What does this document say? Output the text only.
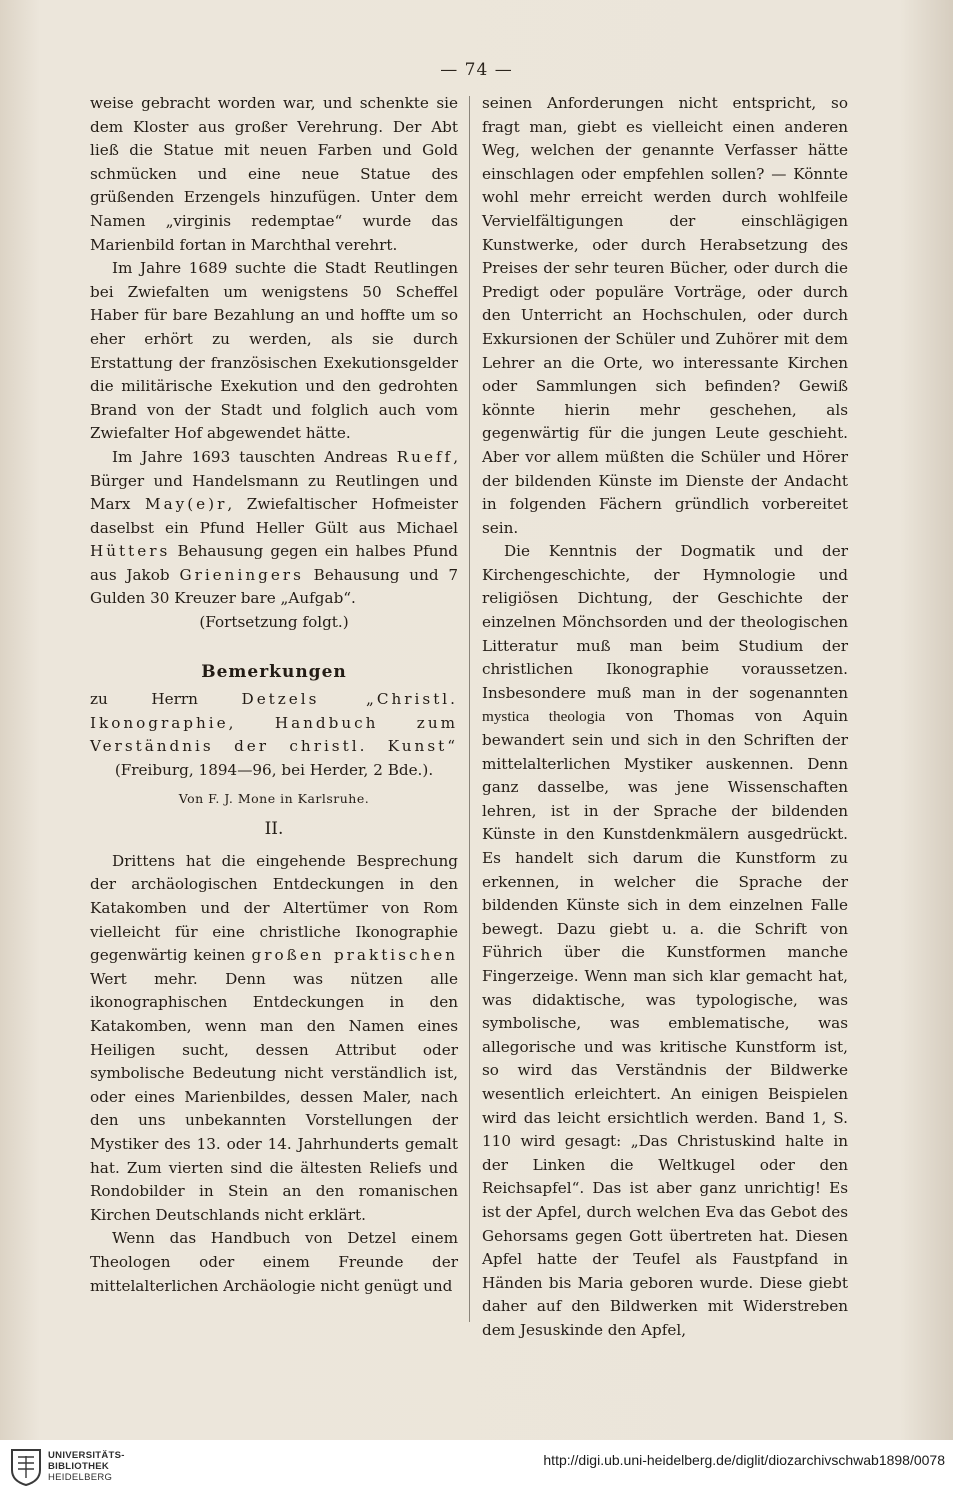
— 74 —

weise gebracht worden war, und schenkte sie dem Kloster aus großer Verehrung. Der Abt ließ die Statue mit neuen Farben und Gold schmücken und eine neue Statue des grüßenden Erzengels hinzufügen. Unter dem Namen „virginis redemptae“ wurde das Marienbild fortan in Marchthal verehrt.

Im Jahre 1689 suchte die Stadt Reutlingen bei Zwiefalten um wenigstens 50 Scheffel Haber für bare Bezahlung an und hoffte um so eher erhört zu werden, als sie durch Erstattung der französischen Exekutionsgelder die militärische Exekution und den gedrohten Brand von der Stadt und folglich auch vom Zwiefalter Hof abgewendet hätte.

Im Jahre 1693 tauschten Andreas Rueff, Bürger und Handelsmann zu Reutlingen und Marx May(e)r, Zwiefaltischer Hofmeister daselbst ein Pfund Heller Gült aus Michael Hütters Behausung gegen ein halbes Pfund aus Jakob Grieningers Behausung und 7 Gulden 30 Kreuzer bare „Aufgab“.

(Fortsetzung folgt.)

Bemerkungen

zu Herrn	Detzels „Christl. Ikonographie, Handbuch zum Verständnis der christl. Kunst“ (Freiburg, 1894—96, bei Herder, 2 Bde.).

Von F. J. Mone in Karlsruhe.

II.

Drittens hat die eingehende Besprechung der archäologischen Entdeckungen in den Katakomben und der Altertümer von Rom vielleicht für eine christliche Ikonographie gegenwärtig keinen großen praktischen Wert mehr. Denn was nützen alle ikonographischen Entdeckungen in den Katakomben, wenn man den Namen eines Heiligen sucht, dessen Attribut oder symbolische Bedeutung nicht verständlich ist, oder eines Marienbildes, dessen Maler, nach den uns unbekannten Vorstellungen der Mystiker des 13. oder 14. Jahrhunderts gemalt hat. Zum vierten sind die ältesten Reliefs und Rondobilder in Stein an den romanischen Kirchen Deutschlands nicht erklärt.

Wenn das Handbuch von Detzel einem Theologen oder einem Freunde der mittelalterlichen Archäologie nicht genügt und

seinen Anforderungen nicht entspricht, so fragt man, giebt es vielleicht einen anderen Weg, welchen der genannte Verfasser hätte einschlagen oder empfehlen sollen? — Könnte wohl mehr erreicht werden durch wohlfeile Vervielfältigungen der einschlägigen Kunstwerke, oder durch Herabsetzung des Preises der sehr teuren Bücher, oder durch die Predigt oder populäre Vorträge, oder durch den Unterricht an Hochschulen, oder durch Exkursionen der Schüler und Zuhörer mit dem Lehrer an die Orte, wo interessante Kirchen oder Sammlungen sich befinden? Gewiß könnte hierin mehr geschehen, als gegenwärtig für die jungen Leute geschieht. Aber vor allem müßten die Schüler und Hörer der bildenden Künste im Dienste der Andacht in folgenden Fächern gründlich vorbereitet sein.

Die Kenntnis der Dogmatik und der Kirchengeschichte, der Hymnologie und religiösen Dichtung, der Geschichte der einzelnen Mönchsorden und der theologischen Litteratur muß man beim Studium der christlichen Ikonographie voraussetzen. Insbesondere muß man in der sogenannten mystica theologia von Thomas von Aquin bewandert sein und sich in den Schriften der mittelalterlichen Mystiker auskennen. Denn ganz dasselbe, was jene Wissenschaften lehren, ist in der Sprache der bildenden Künste in den Kunstdenkmälern ausgedrückt. Es handelt sich darum die Kunstform zu erkennen, in welcher die Sprache der bildenden Künste sich in dem einzelnen Falle bewegt. Dazu giebt u. a. die Schrift von Führich über die Kunstformen manche Fingerzeige. Wenn man sich klar gemacht hat, was didaktische, was typologische, was symbolische, was emblematische, was allegorische und was kritische Kunstform ist, so wird das Verständnis der Bildwerke wesentlich erleichtert. An einigen Beispielen wird das leicht ersichtlich werden. Band 1, S. 110 wird gesagt: „Das Christuskind halte in der Linken die Weltkugel oder den Reichsapfel“. Das ist aber ganz unrichtig! Es ist der Apfel, durch welchen Eva das Gebot des Gehorsams gegen Gott übertreten hat. Diesen Apfel hatte der Teufel als Faustpfand in Händen bis Maria geboren wurde. Diese giebt daher auf den Bildwerken mit Widerstreben dem Jesuskinde den Apfel,

UNIVERSITÄTS-
BIBLIOTHEK
HEIDELBERG
http://digi.ub.uni-heidelberg.de/diglit/diozarchivschwab1898/0078
